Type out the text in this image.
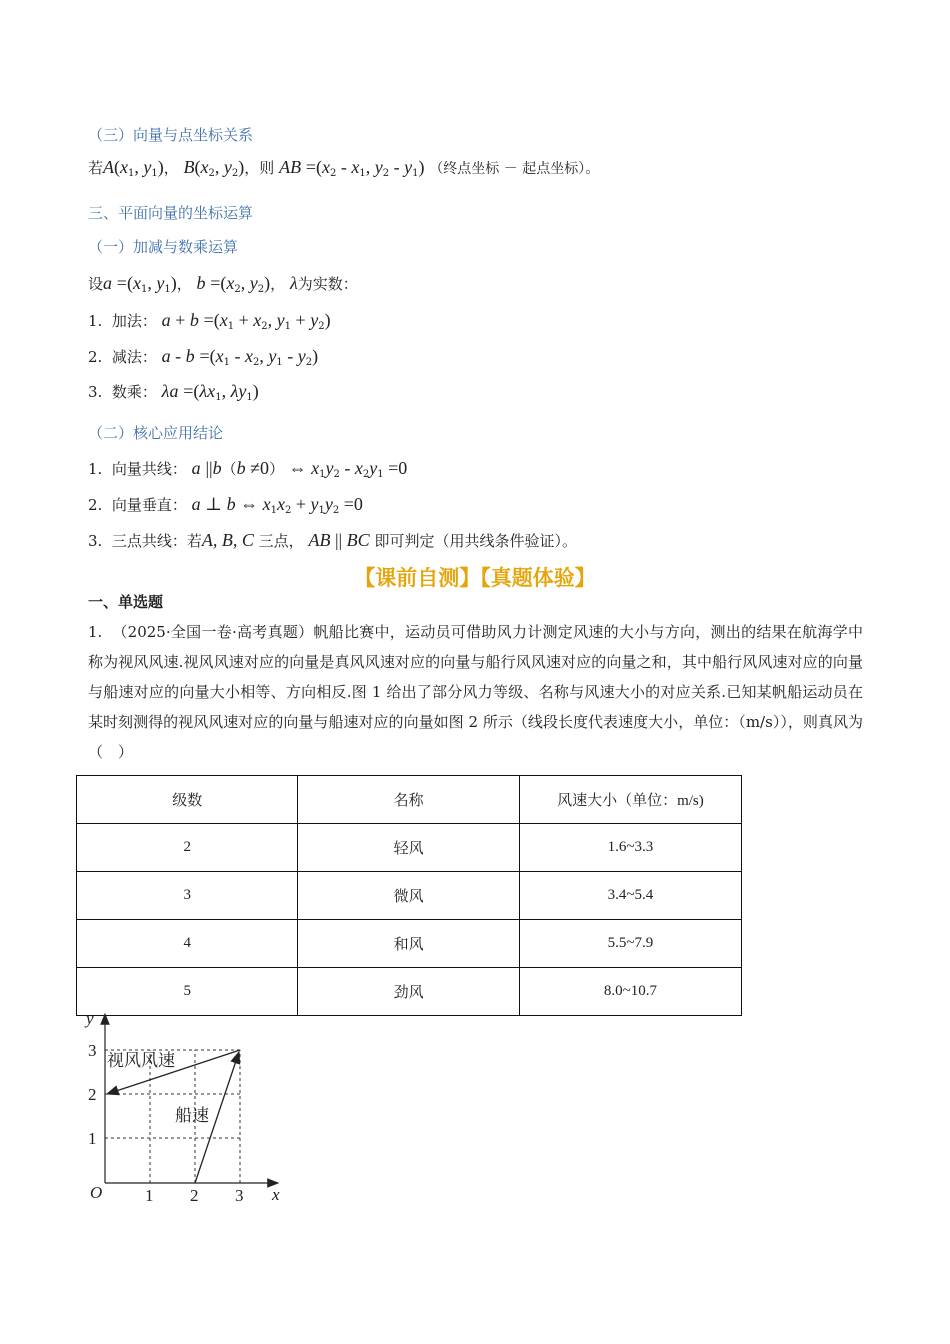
（三）向量与点坐标关系
若$A(x_1$, $y_1$)， $B(x_2$, $y_2$)，则 AB $=(x_2 - x_1$, $y_2 - y_1$) （终点坐标 － 起点坐标）。
三、平面向量的坐标运算
（一）加减与数乘运算
设$a =(x_1$, $y_1$)， $b =(x_2$, $y_2$)， λ为实数：
1. 加法： $a + b =(x_1 + x_2$, $y_1 + y_2$)
2. 减法： $a - b =(x_1 - x_2$, $y_1 - y_2$)
3. 数乘： $\lambda a =(\lambda x_1$, $\lambda y_1$)
（二）核心应用结论
1. 向量共线： a ||b（b ≠0） ⇔ $x_1y_2 - x_2y_1 =0$
2. 向量垂直： a ⊥ b ⇔ $x_1x_2 + y_1y_2 =0$
3. 三点共线：若A, B, C 三点， AB || BC 即可判定（用共线条件验证）。
【课前自测】【真题体验】
一、单选题
1. （2025·全国一卷·高考真题）帆船比赛中，运动员可借助风力计测定风速的大小与方向，测出的结果在航海学中称为视风风速.视风风速对应的向量是真风风速对应的向量与船行风风速对应的向量之和，其中船行风风速对应的向量与船速对应的向量大小相等、方向相反.图 1 给出了部分风力等级、名称与风速大小的对应关系.已知某帆船运动员在某时刻测得的视风风速对应的向量与船速对应的向量如图 2 所示（线段长度代表速度大小，单位：（m/s）），则真风为（　）
级数	名称	风速大小（单位：m/s)
2	轻风	1.6~3.3
3	微风	3.4~5.4
4	和风	5.5~7.9
5	劲风	8.0~10.7
y
x
O	1 2 3
1
2
3
视风风速
船速
